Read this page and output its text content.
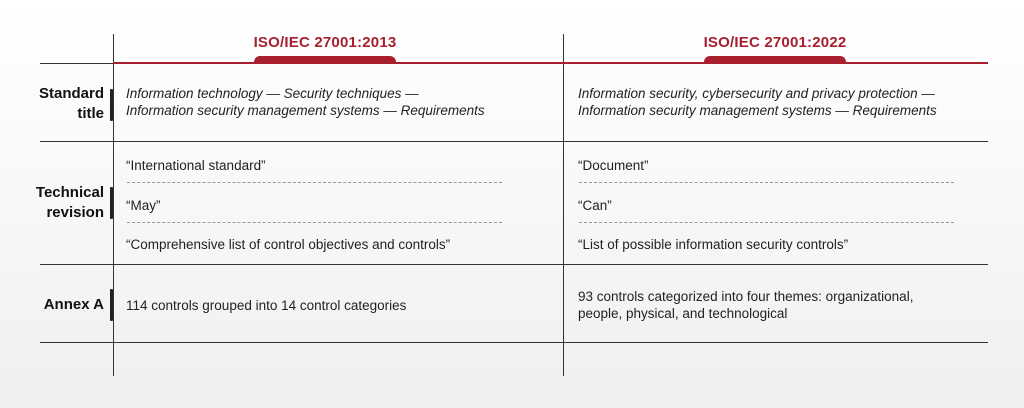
ISO/IEC 27001:2013	ISO/IEC 27001:2022
Standard
title
Information technology — Security techniques —
Information security management systems — Requirements
Information security, cybersecurity and privacy protection —
Information security management systems — Requirements
Technical
revision
“International standard”
“May”
“Comprehensive list of control objectives and controls”
“Document”
“Can”
“List of possible information security controls”
Annex A 114 controls grouped into 14 control categories
93 controls categorized into four themes: organizational,
people, physical, and technological
